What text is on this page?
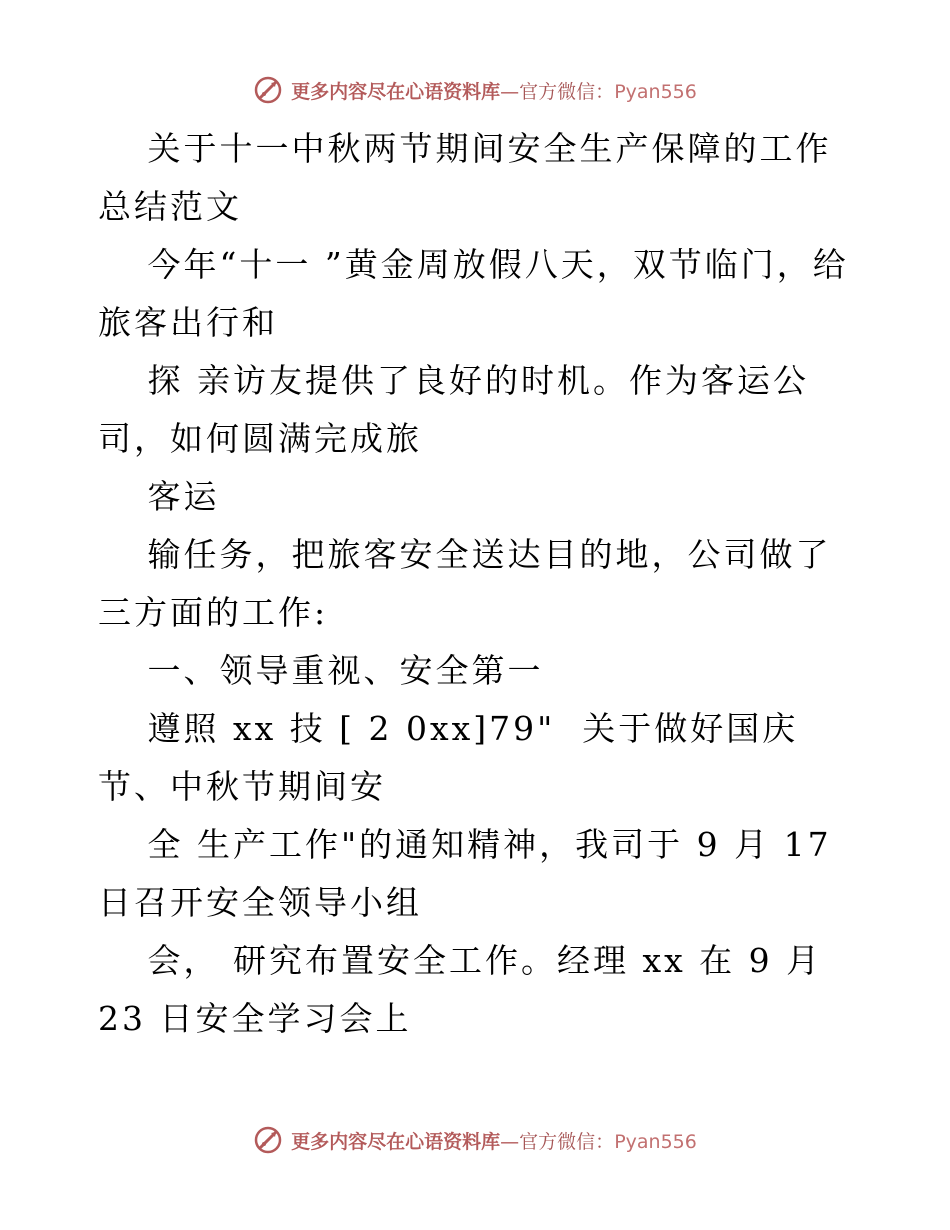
更多内容尽在心语资料库—官方微信：Pyan556

　 关于十一中秋两节期间安全生产保障的工作总结范文

　 今年“十一 ”黄金周放假八天，双节临门，给旅客出行和

　 探 亲访友提供了良好的时机。作为客运公司，如何圆满完成旅

　 客运

　 输任务，把旅客安全送达目的地，公司做了三方面的工作:

　 一、领导重视、安全第一

　 遵照 xx 技 [ 2 0xx]79"  关于做好国庆节、中秋节期间安

　 全 生产工作"的通知精神，我司于 9 月 17 日召开安全领导小组

　 会， 研究布置安全工作。经理 xx 在 9 月 23 日安全学习会上

更多内容尽在心语资料库—官方微信：Pyan556
